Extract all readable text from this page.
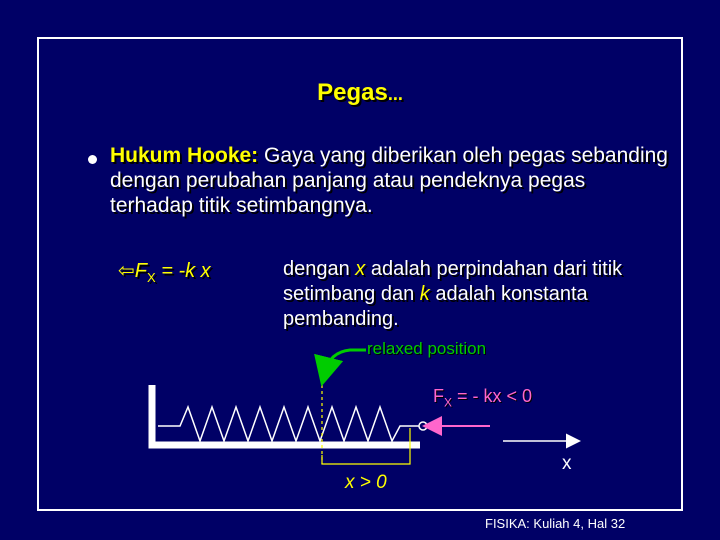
Pegas...
Hukum Hooke: Gaya yang diberikan oleh pegas sebanding dengan perubahan panjang atau pendeknya pegas terhadap titik setimbangnya.
$⇦F_X = -k$ x	dengan x adalah perpindahan dari titik setimbang dan k adalah konstanta pembanding.
relaxed position
$F_X$ = - kx < 0
x
x > 0
FISIKA: Kuliah 4, Hal 32
